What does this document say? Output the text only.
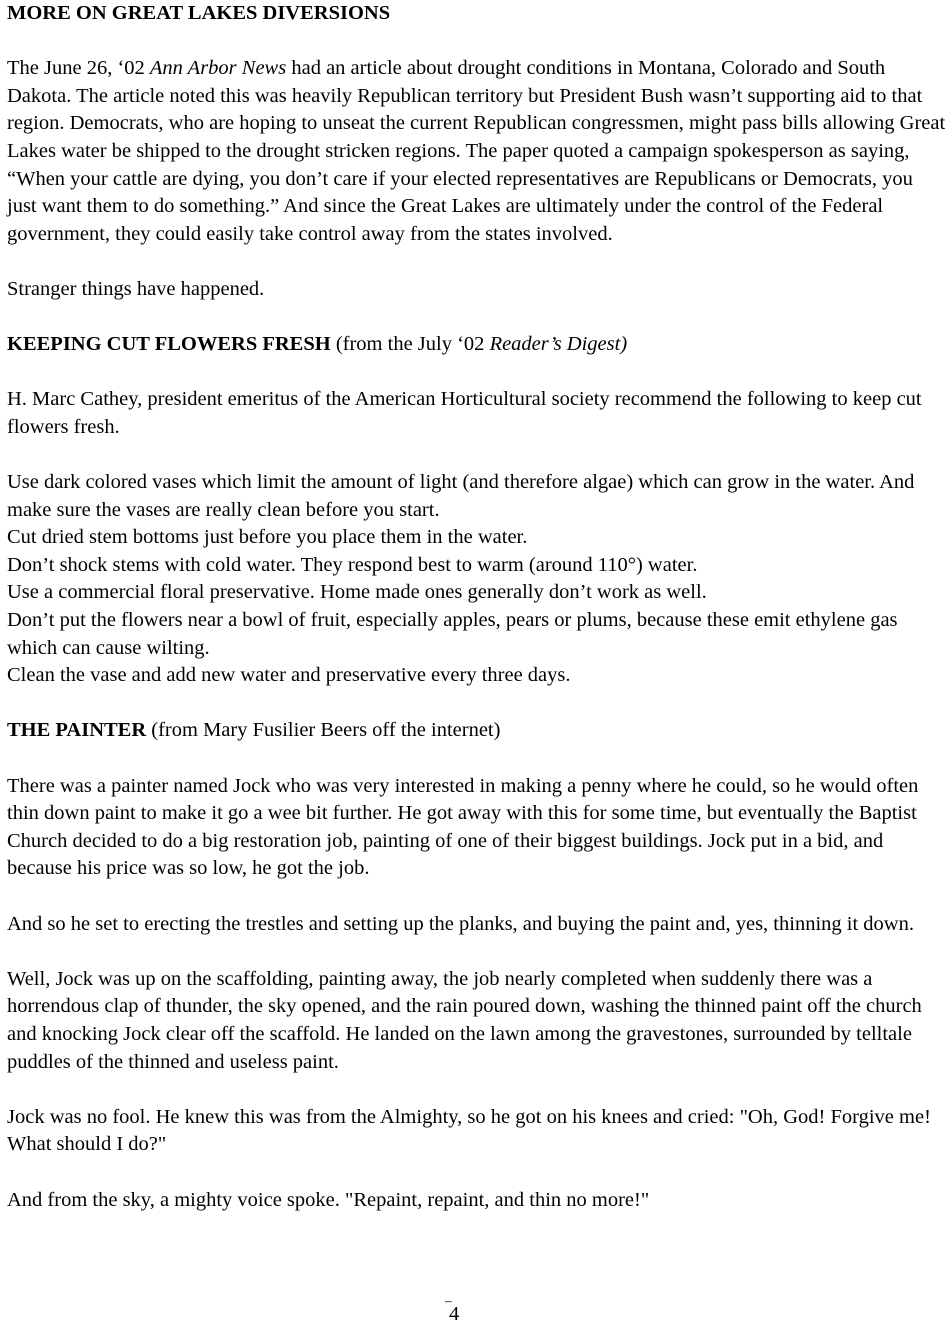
MORE ON GREAT LAKES DIVERSIONS

The June 26, ‘02 Ann Arbor News had an article about drought conditions in Montana, Colorado and South Dakota. The article noted this was heavily Republican territory but President Bush wasn’t supporting aid to that region. Democrats, who are hoping to unseat the current Republican congressmen, might pass bills allowing Great Lakes water be shipped to the drought stricken regions. The paper quoted a campaign spokesperson as saying, “When your cattle are dying, you don’t care if your elected representatives are Republicans or Democrats, you just want them to do something.” And since the Great Lakes are ultimately under the control of the Federal government, they could easily take control away from the states involved.

Stranger things have happened.

KEEPING CUT FLOWERS FRESH (from the July ‘02 Reader’s Digest)

H. Marc Cathey, president emeritus of the American Horticultural society recommend the following to keep cut flowers fresh.

Use dark colored vases which limit the amount of light (and therefore algae) which can grow in the water. And make sure the vases are really clean before you start.

Cut dried stem bottoms just before you place them in the water.

Don’t shock stems with cold water. They respond best to warm (around 110°) water.

Use a commercial floral preservative. Home made ones generally don’t work as well.

Don’t put the flowers near a bowl of fruit, especially apples, pears or plums, because these emit ethylene gas which can cause wilting.

Clean the vase and add new water and preservative every three days.

THE PAINTER (from Mary Fusilier Beers off the internet)

There was a painter named Jock who was very interested in making a penny where he could, so he would often thin down paint to make it go a wee bit further. He got away with this for some time, but eventually the Baptist Church decided to do a big restoration job, painting of one of their biggest buildings. Jock put in a bid, and because his price was so low, he got the job.

And so he set to erecting the trestles and setting up the planks, and buying the paint and, yes, thinning it down.

Well, Jock was up on the scaffolding, painting away, the job nearly completed when suddenly there was a horrendous clap of thunder, the sky opened, and the rain poured down, washing the thinned paint off the church and knocking Jock clear off the scaffold. He landed on the lawn among the gravestones, surrounded by telltale puddles of the thinned and useless paint.

Jock was no fool. He knew this was from the Almighty, so he got on his knees and cried: "Oh, God! Forgive me! What should I do?"

And from the sky, a mighty voice spoke. "Repaint, repaint, and thin no more!"

–
4
